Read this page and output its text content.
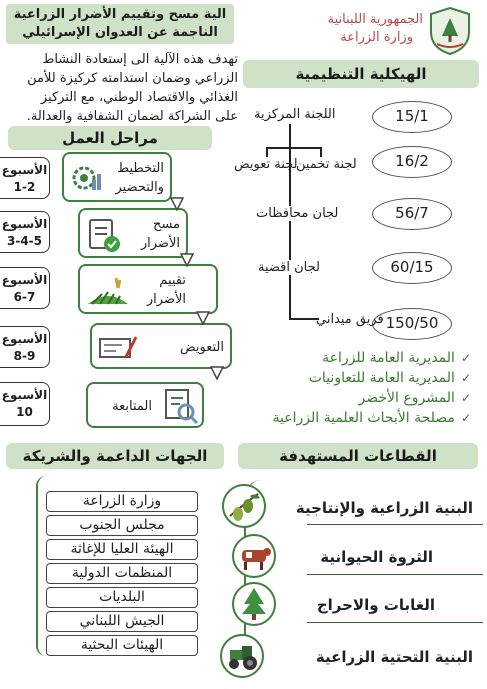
الجمهورية اللبنانية
وزارة الزراعة
الية مسح وتقييم الأضرار الزراعية
الناجمة عن العدوان الإسرائيلي
تهدف هذه الآلية الى إستعادة النشاط
الزراعي وضمان استدامته كركيزة للأمن
الغذائي والاقتصاد الوطني، مع التركيز
على الشراكة لضمان الشفافية والعدالة.
الهيكلية التنظيمية
15/1
16/2
56/7
60/15
150/50
اللجنة المركزية
لجنة تخمين
لجنة تعويض
لجان محافظات
لجان اقضية
فريق ميداني
✓المديرية العامة للزراعة
✓المديرية العامة للتعاونيات
✓المشروع الأخضر
✓مصلحة الأبحاث العلمية الزراعية
مراحل العمل
الأسبوع
1-2
الأسبوع
3-4-5
الأسبوع
6-7
الأسبوع
8-9
الأسبوع
10
التخطيط
والتحضير
مسح
الأضرار
تقييم
الأضرار
التعويض
المتابعة
الجهات الداعمة والشريكة
وزارة الزراعة
مجلس الجنوب
الهيئة العليا للإغاثة
المنظمات الدولية
البلديات
الجيش اللبناني
الهيئات البحثية
القطاعات المستهدفة
البنية الزراعية والإنتاجية
الثروة الحيوانية
الغابات والاحراج
البنية التحتية الزراعية
